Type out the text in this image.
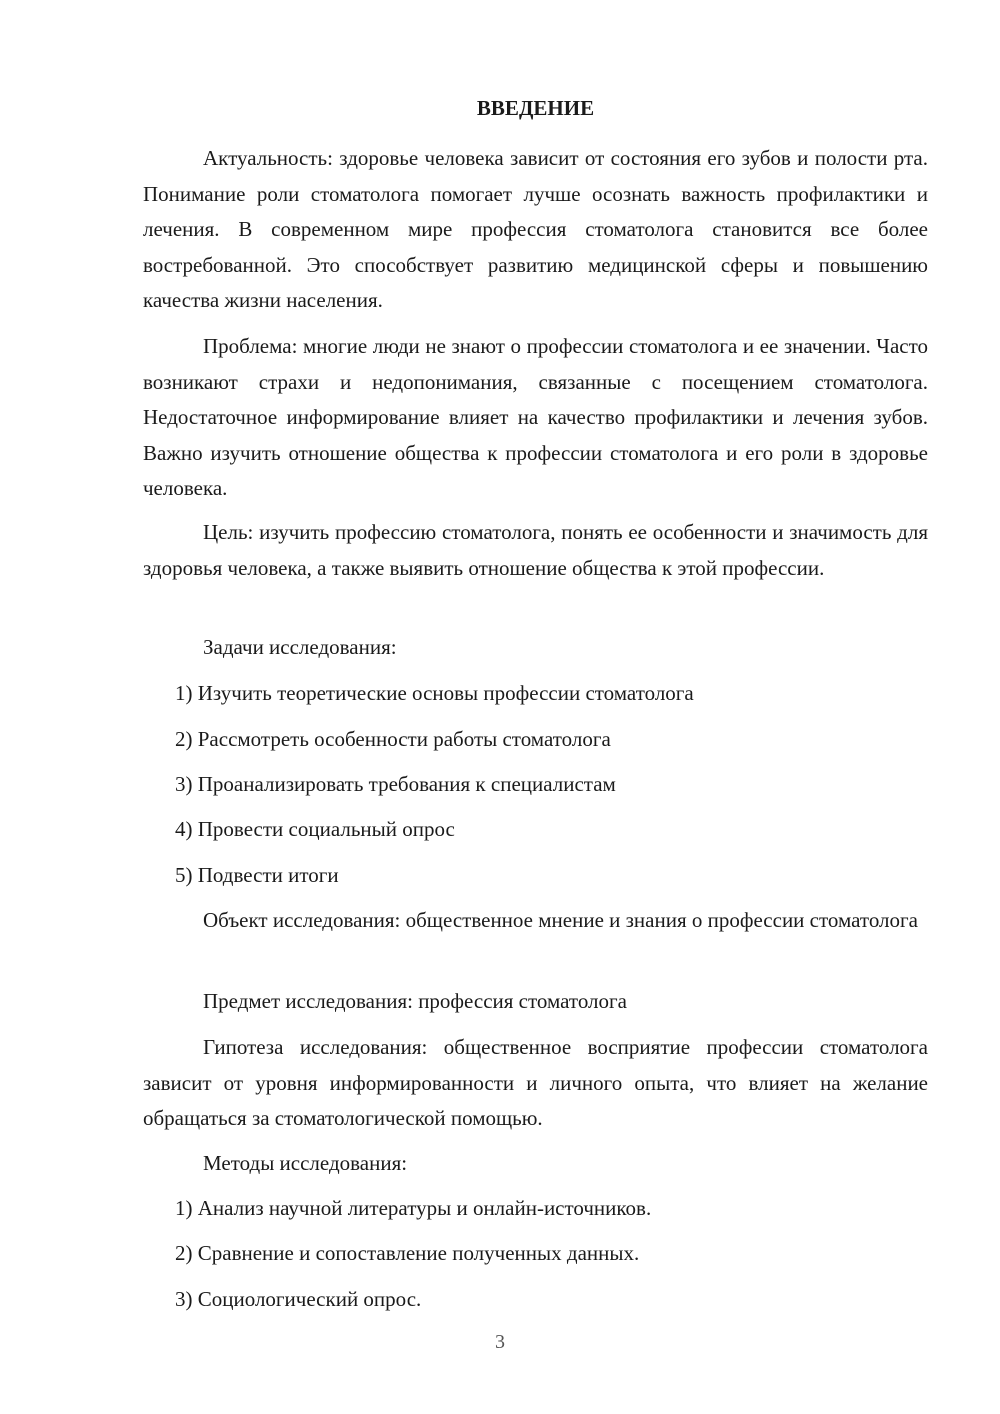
ВВЕДЕНИЕ

Актуальность: здоровье человека зависит от состояния его зубов и полости рта. Понимание роли стоматолога помогает лучше осознать важность профилактики и лечения. В современном мире профессия стоматолога становится все более востребованной. Это способствует развитию медицинской сферы и повышению качества жизни населения.

Проблема: многие люди не знают о профессии стоматолога и ее значении. Часто возникают страхи и недопонимания, связанные с посещением стоматолога. Недостаточное информирование влияет на качество профилактики и лечения зубов. Важно изучить отношение общества к профессии стоматолога и его роли в здоровье человека.

Цель: изучить профессию стоматолога, понять ее особенности и значимость для здоровья человека, а также выявить отношение общества к этой профессии.

Задачи исследования:

1) Изучить теоретические основы профессии стоматолога

2) Рассмотреть особенности работы стоматолога

3) Проанализировать требования к специалистам

4) Провести социальный опрос

5) Подвести итоги

Объект исследования: общественное мнение и знания о профессии стоматолога

Предмет исследования: профессия стоматолога

Гипотеза исследования: общественное восприятие профессии стоматолога зависит от уровня информированности и личного опыта, что влияет на желание обращаться за стоматологической помощью.

Методы исследования:

1) Анализ научной литературы и онлайн-источников.

2) Сравнение и сопоставление полученных данных.

3) Социологический опрос.

3
